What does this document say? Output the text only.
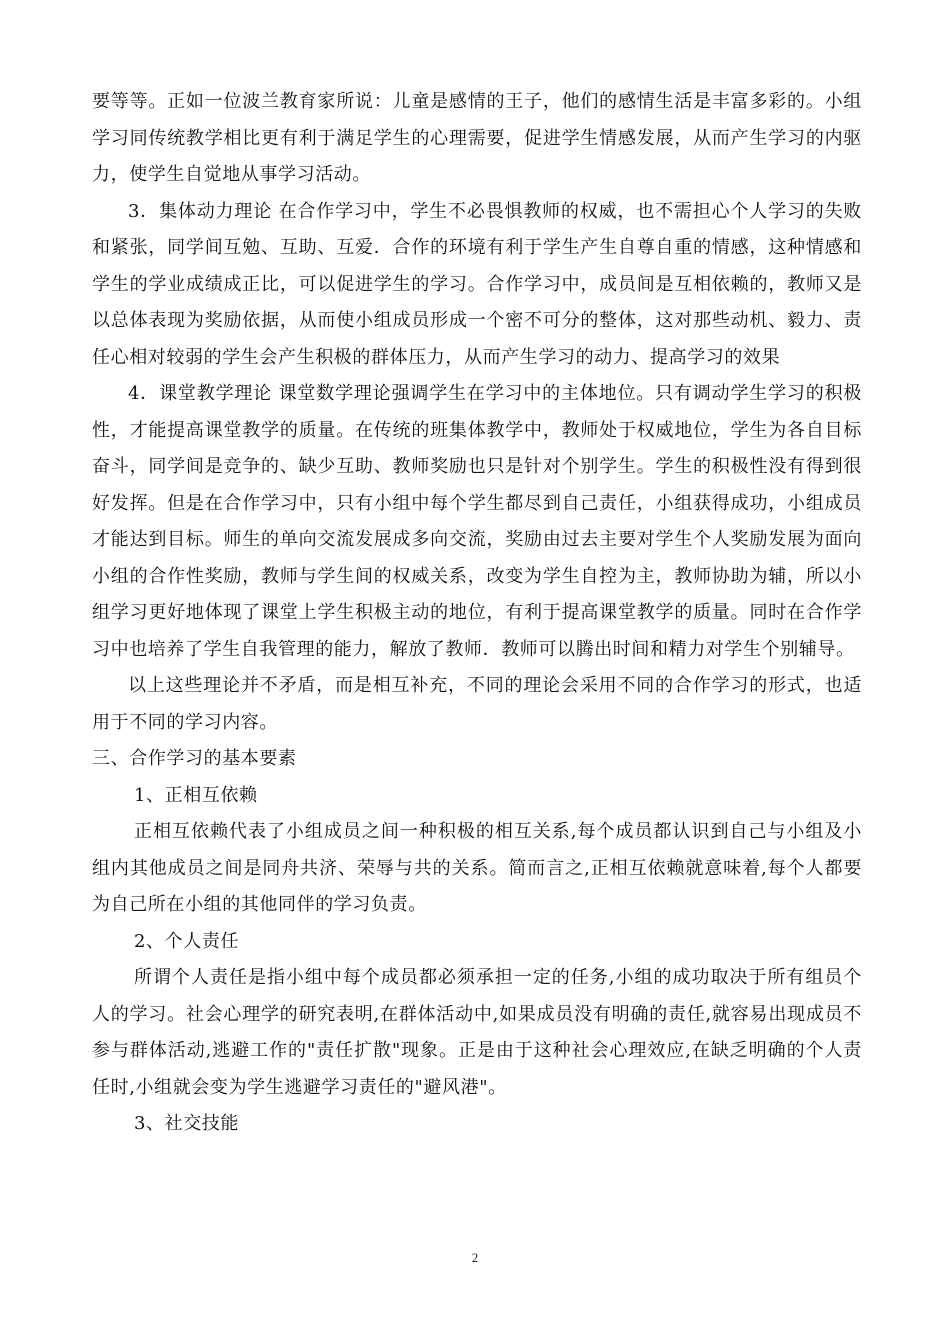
要等等。正如一位波兰教育家所说：儿童是感情的王子，他们的感情生活是丰富多彩的。小组学习同传统教学相比更有利于满足学生的心理需要，促进学生情感发展，从而产生学习的内驱力，使学生自觉地从事学习活动。

3．集体动力理论 在合作学习中，学生不必畏惧教师的权威，也不需担心个人学习的失败和紧张，同学间互勉、互助、互爱．合作的环境有利于学生产生自尊自重的情感，这种情感和学生的学业成绩成正比，可以促进学生的学习。合作学习中，成员间是互相依赖的，教师又是以总体表现为奖励依据，从而使小组成员形成一个密不可分的整体，这对那些动机、毅力、责任心相对较弱的学生会产生积极的群体压力，从而产生学习的动力、提高学习的效果

4．课堂教学理论 课堂数学理论强调学生在学习中的主体地位。只有调动学生学习的积极性，才能提高课堂教学的质量。在传统的班集体教学中，教师处于权威地位，学生为各自目标奋斗，同学间是竞争的、缺少互助、教师奖励也只是针对个别学生。学生的积极性没有得到很好发挥。但是在合作学习中，只有小组中每个学生都尽到自己责任，小组获得成功，小组成员才能达到目标。师生的单向交流发展成多向交流，奖励由过去主要对学生个人奖励发展为面向小组的合作性奖励，教师与学生间的权威关系，改变为学生自控为主，教师协助为辅，所以小组学习更好地体现了课堂上学生积极主动的地位，有利于提高课堂教学的质量。同时在合作学习中也培养了学生自我管理的能力，解放了教师．教师可以腾出时间和精力对学生个别辅导。

以上这些理论并不矛盾，而是相互补充，不同的理论会采用不同的合作学习的形式，也适用于不同的学习内容。

三、合作学习的基本要素

1、正相互依赖

正相互依赖代表了小组成员之间一种积极的相互关系,每个成员都认识到自己与小组及小组内其他成员之间是同舟共济、荣辱与共的关系。简而言之,正相互依赖就意味着,每个人都要为自己所在小组的其他同伴的学习负责。

2、个人责任

所谓个人责任是指小组中每个成员都必须承担一定的任务,小组的成功取决于所有组员个人的学习。社会心理学的研究表明,在群体活动中,如果成员没有明确的责任,就容易出现成员不参与群体活动,逃避工作的"责任扩散"现象。正是由于这种社会心理效应,在缺乏明确的个人责任时,小组就会变为学生逃避学习责任的"避风港"。

3、社交技能

2
